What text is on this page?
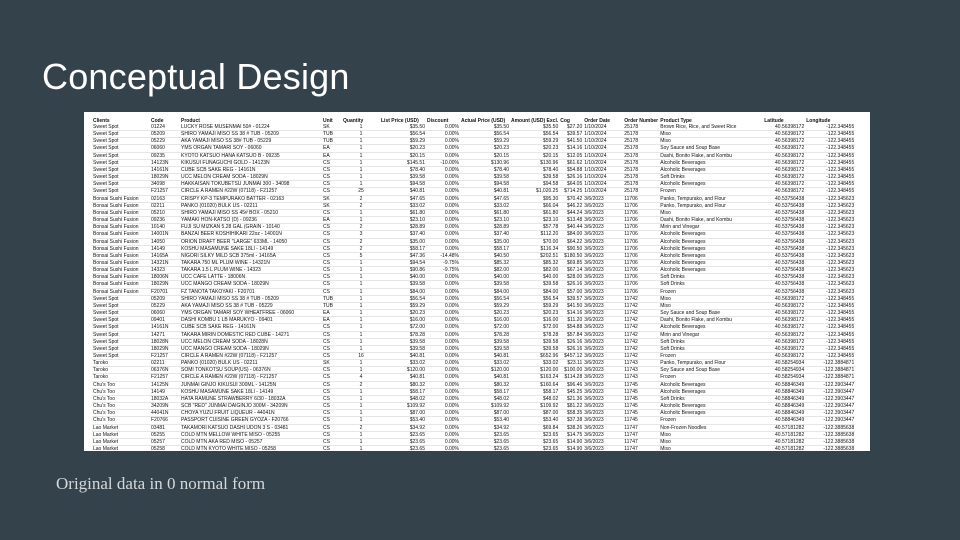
Conceptual Design
Clients	Code	Product	Unit	Quantity	List Price (USD)	Discount	Actual Price (USD)	Amount (USD) Excl.	Cog	Order Date	Order Number	Product Type	Latitude	Longitude
Sweet Spot	01224	LUCKY ROSE MUSENMAI 50# - 01224	SK	1	$35.50	0.00%	$35.50	$35.50	$27.20	1/10/2024	25178	Brown Rice, Rice, and Sweet Rice	40.56398172	-122.348455
Sweet Spot	05209	SHIRO YAMAJI MISO SS 38 # TUB - 05209	TUB	1	$56.54	0.00%	$56.54	$56.54	$39.57	1/10/2024	25178	Miso	40.56398172	-122.348455
Sweet Spot	05229	AKA YAMAJI MISO SS 38# TUB - 05229	TUB	1	$59.29	0.00%	$59.29	$59.29	$41.50	1/10/2024	25178	Miso	40.56398172	-122.348455
Sweet Spot	06060	YMS ORGAN TAMARI SOY - 06060	EA	1	$20.23	0.00%	$20.23	$20.23	$14.16	1/10/2024	25178	Soy Sauce and Soup Base	40.56398172	-122.348455
Sweet Spot	09235	KYOTO KATSUO HANA KATSUO B - 09235	EA	1	$20.15	0.00%	$20.15	$20.15	$12.05	1/10/2024	25178	Dashi, Bonito Flake, and Kombu	40.56398172	-122.348455
Sweet Spot	14123N	KIKUSUI FUNAGUCHI GOLD - 14123N	CS	1	$145.51	-10.00%	$130.96	$130.96	$61.62	1/10/2024	25178	Alcoholic Beverages	40.56398172	-122.348455
Sweet Spot	14161N	CUBE SCB SAKE REG - 14161N	CS	1	$78.40	0.00%	$78.40	$78.40	$54.88	1/10/2024	25178	Alcoholic Beverages	40.56398172	-122.348455
Sweet Spot	18029N	UCC MELON CREAM SODA - 18029N	CS	1	$39.58	0.00%	$39.58	$39.58	$26.16	1/10/2024	25178	Soft Drinks	40.56398172	-122.348455
Sweet Spot	34098	HAKKAISAN TOKUBETSU JUNMAI 300 - 34098	CS	1	$94.58	0.00%	$94.58	$94.58	$64.05	1/10/2024	25178	Alcoholic Beverages	40.56398172	-122.348455
Sweet Spot	F21257	CIRCLE A RAMEN #22W (07118) - F21257	CS	25	$40.81	0.00%	$40.81	$1,020.25	$714.25	1/10/2024	25178	Frozen	40.56398172	-122.348455
Bonsai Sushi Fusion	02163	CRISPY KP-3 TEMPURAKO BATTER - 02163	SK	2	$47.65	0.00%	$47.65	$95.30	$70.42	3/6/2023	11706	Panko, Tempurako, and Flour	40.53756438	-122.345623
Bonsai Sushi Fusion	02211	PANKO (01020) BULK US - 02211	SK	2	$33.02	0.00%	$33.02	$66.04	$46.22	3/6/2023	11706	Panko, Tempurako, and Flour	40.53756438	-122.345623
Bonsai Sushi Fusion	05210	SHIRO YAMAJI MISO SS 45# BOX - 05210	CS	1	$61.80	0.00%	$61.80	$61.80	$44.24	3/6/2023	11706	Miso	40.53756438	-122.345623
Bonsai Sushi Fusion	09236	YAMAKI HON-KATSO (D) - 09236	EA	1	$23.10	0.00%	$23.10	$23.10	$13.48	3/6/2023	11706	Dashi, Bonito Flake, and Kombu	40.53756438	-122.345623
Bonsai Sushi Fusion	10140	FUJI SU MIZKAN 5.28 GAL (GRAIN - 10140	CS	2	$28.89	0.00%	$28.89	$57.78	$40.44	3/6/2023	11706	Mirin and Vinegar	40.53756438	-122.345623
Bonsai Sushi Fusion	14001N	BANZAI BEER KOSHIHIKARI 22oz - 14001N	CS	3	$37.40	0.00%	$37.40	$112.20	$84.00	3/6/2023	11706	Alcoholic Beverages	40.53756438	-122.345623
Bonsai Sushi Fusion	14050	ORION DRAFT BEER "LARGE" 633ML - 14050	CS	2	$35.00	0.00%	$35.00	$70.00	$64.22	3/6/2023	11706	Alcoholic Beverages	40.53756438	-122.345623
Bonsai Sushi Fusion	14149	KOSHU MASAMUNE SAKE 18LI - 14149	CS	2	$58.17	0.00%	$58.17	$116.34	$90.50	3/6/2023	11706	Alcoholic Beverages	40.53756438	-122.345623
Bonsai Sushi Fusion	14165A	NIGORI SILKY MILD SCB 375ml - 14165A	CS	5	$47.36	-14.48%	$40.50	$202.51	$180.50	3/6/2023	11706	Alcoholic Beverages	40.53756438	-122.345623
Bonsai Sushi Fusion	14321N	TAKARA 750 ML PLUM WINE - 14321N	CS	1	$94.54	-9.75%	$85.32	$85.32	$69.85	3/6/2023	11706	Alcoholic Beverages	40.53756438	-122.345623
Bonsai Sushi Fusion	14323	TAKARA 1.5 L PLUM WINE - 14323	CS	1	$90.86	-9.75%	$82.00	$82.00	$67.14	3/6/2023	11706	Alcoholic Beverages	40.53756438	-122.345623
Bonsai Sushi Fusion	18006N	UCC CAFE LATTE - 18006N	CS	1	$40.00	0.00%	$40.00	$40.00	$28.00	3/6/2023	11706	Soft Drinks	40.53756438	-122.345623
Bonsai Sushi Fusion	18029N	UCC MANGO CREAM SODA - 18029N	CS	1	$39.58	0.00%	$39.58	$39.58	$26.16	3/6/2023	11706	Soft Drinks	40.53756438	-122.345623
Bonsai Sushi Fusion	F20701	FZ TANOTA TAKOYAKI - F20701	CS	1	$84.00	0.00%	$84.00	$84.00	$57.00	3/6/2023	11706	Frozen	40.53756438	-122.345623
Sweet Spot	05209	SHIRO YAMAJI MISO SS 38 # TUB - 05209	TUB	1	$56.54	0.00%	$56.54	$56.54	$39.57	3/6/2023	11742	Miso	40.56398172	-122.348455
Sweet Spot	05229	AKA YAMAJI MISO SS 38 # TUB - 05229	TUB	1	$59.29	0.00%	$59.29	$59.29	$41.50	3/6/2023	11742	Miso	40.56398172	-122.348455
Sweet Spot	06060	YMS ORGAN TAMARI SOY WHEATFREE - 06060	EA	1	$20.23	0.00%	$20.23	$20.23	$14.16	3/6/2023	11742	Soy Sauce and Soup Base	40.56398172	-122.348455
Sweet Spot	09401	DASHI KOMBU 1 LB MARUKYO - 09401	EA	1	$16.00	0.00%	$16.00	$16.00	$11.20	3/6/2023	11742	Dashi, Bonito Flake, and Kombu	40.56398172	-122.348455
Sweet Spot	14161N	CUBE SCB SAKE REG - 14161N	CS	1	$72.00	0.00%	$72.00	$72.00	$54.88	3/6/2023	11742	Alcoholic Beverages	40.56398172	-122.348455
Sweet Spot	14271	TAKARA MIRIN DOMESTIC RED CUBE - 14271	CS	1	$78.28	0.00%	$78.28	$78.28	$57.84	3/6/2023	11742	Mirin and Vinegar	40.56398172	-122.348455
Sweet Spot	18028N	UCC MELON CREAM SODA - 18028N	CS	1	$39.58	0.00%	$39.58	$39.58	$26.16	3/6/2023	11742	Soft Drinks	40.56398172	-122.348455
Sweet Spot	18029N	UCC MANGO CREAM SODA - 18029N	CS	1	$39.58	0.00%	$39.58	$39.58	$26.16	3/6/2023	11742	Soft Drinks	40.56398172	-122.348455
Sweet Spot	F21257	CIRCLE A RAMEN #22W (07118) - F21257	CS	16	$40.81	0.00%	$40.81	$652.96	$457.12	3/6/2023	11742	Frozen	40.56398172	-122.348455
Taroko	02211	PANKO (01020) BULK US - 02211	SK	1	$33.02	0.00%	$33.02	$33.02	$23.11	3/6/2023	11743	Panko, Tempurako, and Flour	40.58254934	-122.3884871
Taroko	06376N	SOMI TONKOTSU SOUP(US) - 06376N	CS	1	$120.00	0.00%	$120.00	$120.00	$100.00	3/6/2023	11743	Soy Sauce and Soup Base	40.58254934	-122.3884871
Taroko	F21257	CIRCLE A RAMEN #22W (07118) - F21257	CS	4	$40.81	0.00%	$40.81	$163.24	$114.28	3/6/2023	11743	Frozen	40.58254934	-122.3884871
Chu's Too	14125N	JUNMAI GINJO KIKUSUI 300ML - 14125N	CS	2	$80.32	0.00%	$80.32	$160.64	$96.46	3/6/2023	11745	Alcoholic Beverages	40.58846349	-122.3903447
Chu's Too	14149	KOSHU MASAMUNE SAKE 18LI - 14149	CS	1	$58.17	0.00%	$58.17	$58.17	$45.25	3/6/2023	11745	Alcoholic Beverages	40.58846349	-122.3903447
Chu's Too	18032A	HATA RAMUNE STRAWBERRY 6/30 - 18032A	CS	1	$48.02	0.00%	$48.02	$48.02	$21.36	3/6/2023	11745	Soft Drinks	40.58846349	-122.3903447
Chu's Too	34209N	SCB "RED" JUNMAI DAIGINJO 300M - 34209N	CS	1	$109.92	0.00%	$109.92	$109.92	$81.22	3/6/2023	11745	Alcoholic Beverages	40.58846349	-122.3903447
Chu's Too	44041N	CHOYA YUZU FRUIT LIQUEUR - 44041N	CS	1	$87.00	0.00%	$87.00	$87.00	$58.35	3/6/2023	11745	Alcoholic Beverages	40.58846349	-122.3903447
Chu's Too	F20766	PASSPORT CUISINE GREEN GYOZA - F20766	CS	1	$53.40	0.00%	$53.40	$53.40	$37.38	3/6/2023	11745	Frozen	40.58846349	-122.3903447
Lao Market	03481	TAKAMORI KATSUO DASHI UDON 3 S - 03481	CS	2	$34.92	0.00%	$34.92	$69.84	$38.26	3/6/2023	11747	Non-Frozen Noodles	40.57181282	-122.3885638
Lao Market	05255	COLD MTN MELLOW WHITE MISO - 05255	CS	1	$23.65	0.00%	$23.65	$23.65	$14.75	3/6/2023	11747	Miso	40.57181282	-122.3885638
Lao Market	05257	COLD MTN AKA RED MISO - 05257	CS	1	$23.65	0.00%	$23.65	$23.65	$14.90	3/6/2023	11747	Miso	40.57181282	-122.3885638
Lao Market	05258	COLD MTN KYOTO WHITE MISO - 05258	CS	1	$23.65	0.00%	$23.65	$23.65	$14.90	3/6/2023	11747	Miso	40.57181282	-122.3885638
Original data in 0 normal form
